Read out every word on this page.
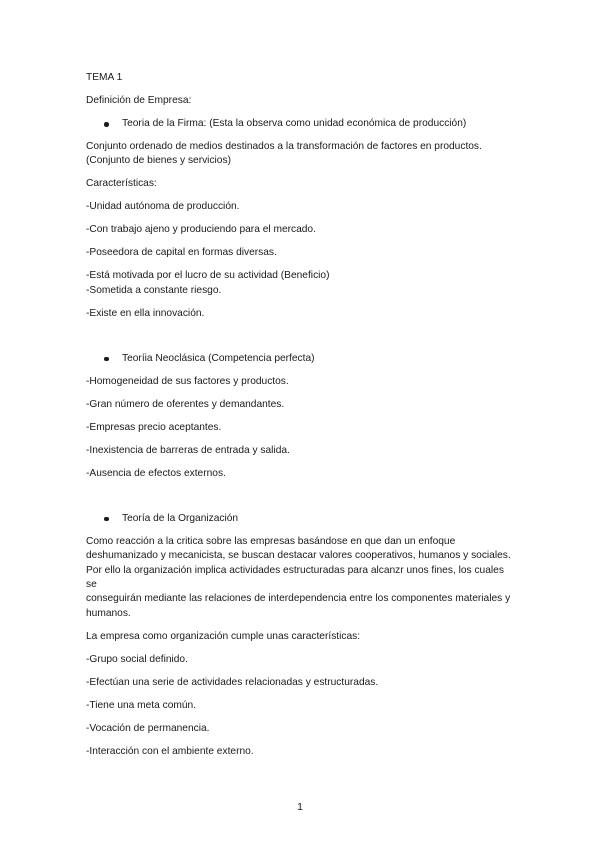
TEMA 1

Definición de Empresa:

Teoria de la Firma: (Esta la observa como unidad económica de producción)

Conjunto ordenado de medios destinados a la transformación de factores en productos.
(Conjunto de bienes y servicios)

Características:

-Unidad autónoma de producción.

-Con trabajo ajeno y produciendo para el mercado.

-Poseedora de capital en formas diversas.

-Está motivada por el lucro de su actividad (Beneficio)

-Sometida a constante riesgo.

-Existe en ella innovación.

Teoríia Neoclásica (Competencia perfecta)

-Homogeneidad de sus factores y productos.

-Gran número de oferentes y demandantes.

-Empresas precio aceptantes.

-Inexistencia de barreras de entrada y salida.

-Ausencia de efectos externos.

Teoría de la Organización

Como reacción a la critica sobre las empresas basándose en que dan un enfoque
deshumanizado y mecanicista, se buscan destacar valores cooperativos, humanos y sociales.
Por ello la organización implica actividades estructuradas para alcanzr unos fines, los cuales se
conseguirán mediante las relaciones de interdependencia entre los componentes materiales y
humanos.

La empresa como organización cumple unas características:

-Grupo social definido.

-Efectúan una serie de actividades relacionadas y estructuradas.

-Tiene una meta común.

-Vocación de permanencia.

-Interacción con el ambiente externo.

1
